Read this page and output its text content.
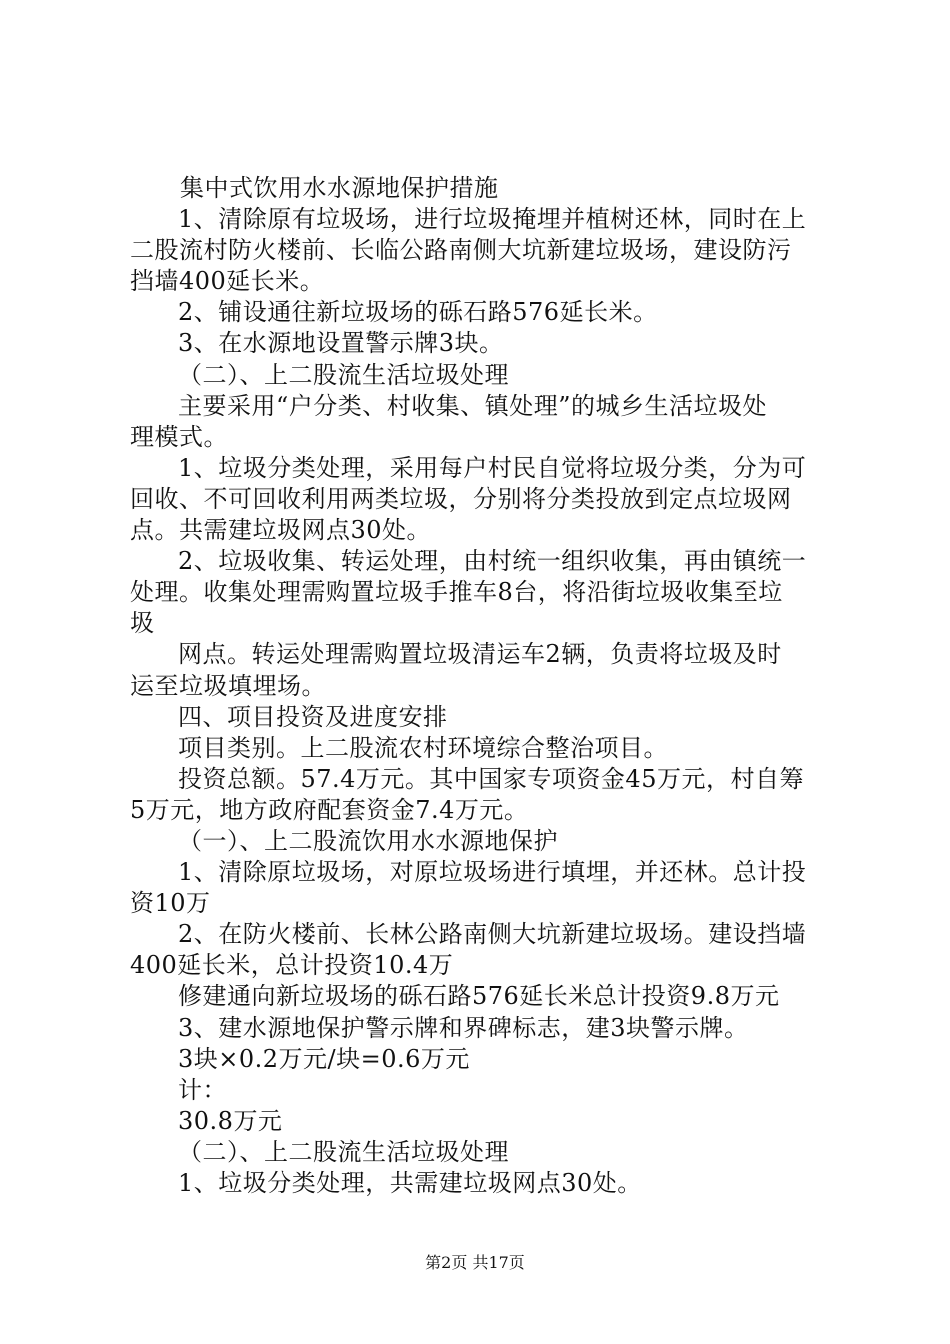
集中式饮用水水源地保护措施
1、清除原有垃圾场，进行垃圾掩埋并植树还林，同时在上
二股流村防火楼前、长临公路南侧大坑新建垃圾场，建设防污
挡墙400延长米。
2、铺设通往新垃圾场的砾石路576延长米。
3、在水源地设置警示牌3块。
（二）、上二股流生活垃圾处理
主要采用“户分类、村收集、镇处理”的城乡生活垃圾处
理模式。
1、垃圾分类处理，采用每户村民自觉将垃圾分类，分为可
回收、不可回收利用两类垃圾，分别将分类投放到定点垃圾网
点。共需建垃圾网点30处。
2、垃圾收集、转运处理，由村统一组织收集，再由镇统一
处理。收集处理需购置垃圾手推车8台，将沿街垃圾收集至垃
圾
网点。转运处理需购置垃圾清运车2辆，负责将垃圾及时
运至垃圾填埋场。
四、项目投资及进度安排
项目类别。上二股流农村环境综合整治项目。
投资总额。57.4万元。其中国家专项资金45万元，村自筹
5万元，地方政府配套资金7.4万元。
（一）、上二股流饮用水水源地保护
1、清除原垃圾场，对原垃圾场进行填埋，并还林。总计投
资10万
2、在防火楼前、长林公路南侧大坑新建垃圾场。建设挡墙
400延长米，总计投资10.4万
修建通向新垃圾场的砾石路576延长米总计投资9.8万元
3、建水源地保护警示牌和界碑标志，建3块警示牌。
3块×0.2万元/块=0.6万元
计：
30.8万元
（二）、上二股流生活垃圾处理
1、垃圾分类处理，共需建垃圾网点30处。
第2页 共17页
